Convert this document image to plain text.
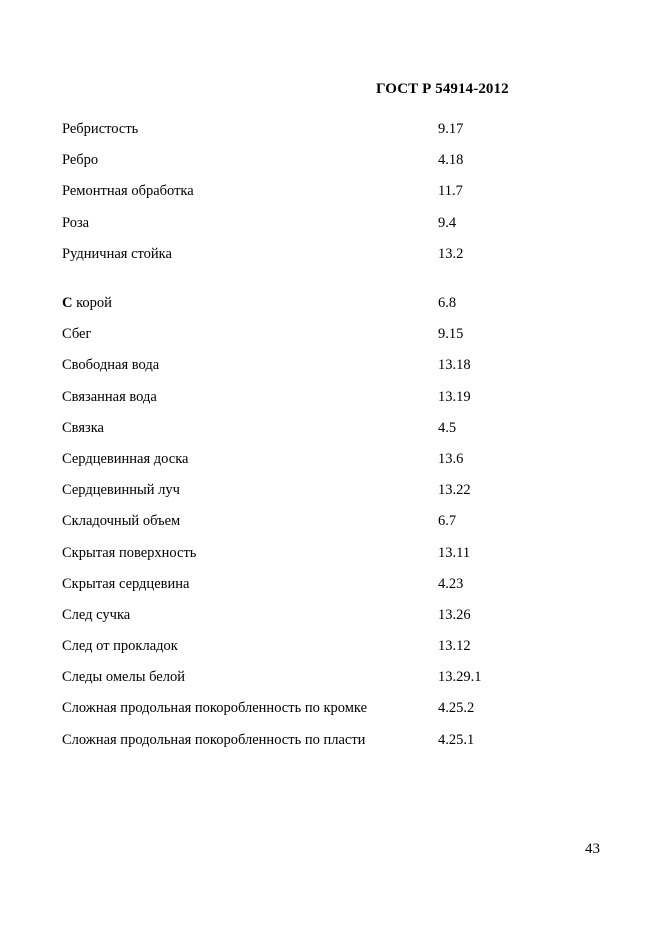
ГОСТ Р 54914-2012
Ребристость	9.17
Ребро	4.18
Ремонтная обработка	11.7
Роза	9.4
Рудничная стойка	13.2
С корой	6.8
Сбег	9.15
Свободная вода	13.18
Связанная вода	13.19
Связка	4.5
Сердцевинная доска	13.6
Сердцевинный луч	13.22
Складочный объем	6.7
Скрытая поверхность	13.11
Скрытая сердцевина	4.23
След сучка	13.26
След от прокладок	13.12
Следы омелы белой	13.29.1
Сложная продольная покоробленность по кромке	4.25.2
Сложная продольная покоробленность по пласти	4.25.1
43
